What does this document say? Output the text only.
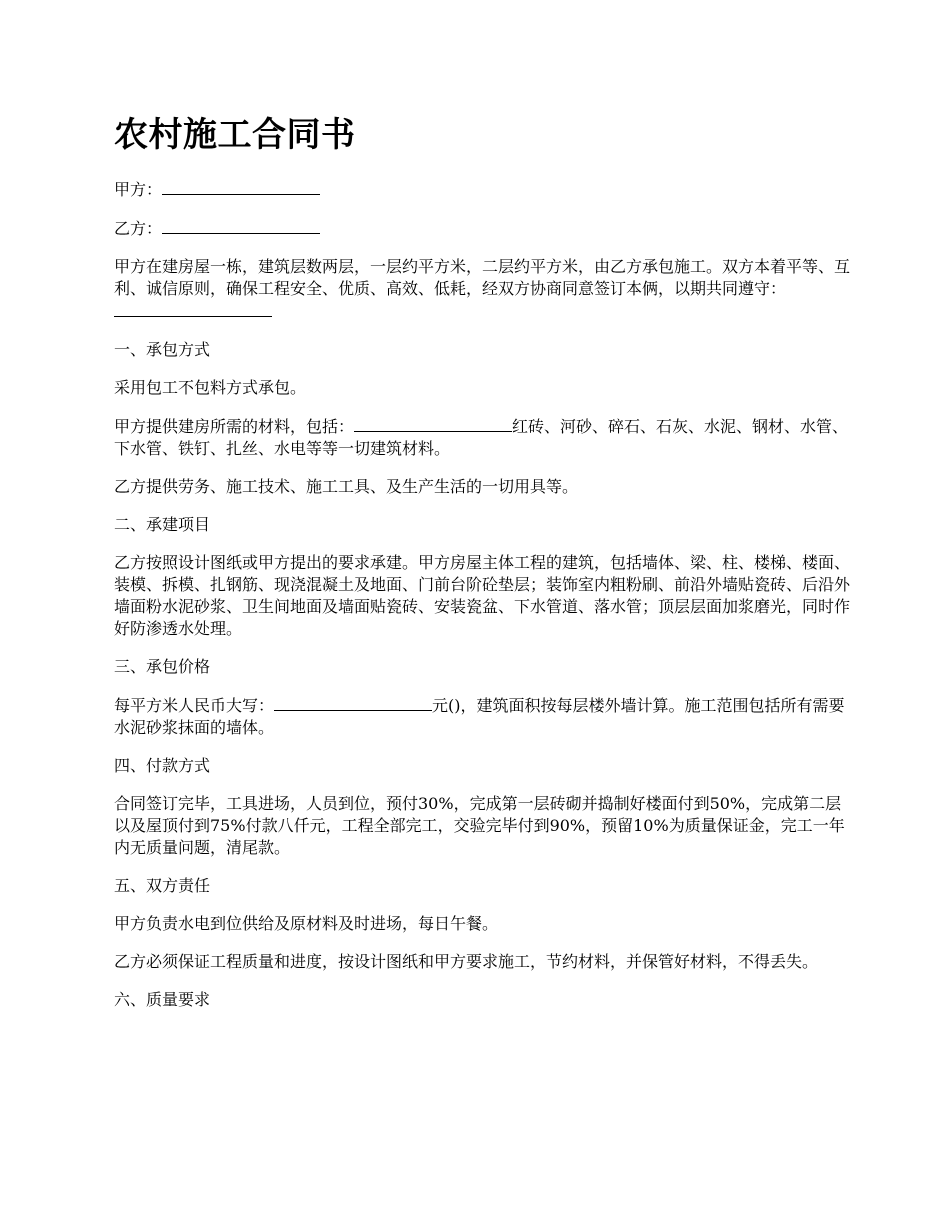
农村施工合同书
甲方：
乙方：
甲方在建房屋一栋，建筑层数两层，一层约平方米，二层约平方米，由乙方承包施工。双方本着平等、互利、诚信原则，确保工程安全、优质、高效、低耗，经双方协商同意签订本俩，以期共同遵守：
一、承包方式
采用包工不包料方式承包。
甲方提供建房所需的材料，包括：	红砖、河砂、碎石、石灰、水泥、钢材、水管、下水管、铁钉、扎丝、水电等等一切建筑材料。
乙方提供劳务、施工技术、施工工具、及生产生活的一切用具等。
二、承建项目
乙方按照设计图纸或甲方提出的要求承建。甲方房屋主体工程的建筑，包括墙体、梁、柱、楼梯、楼面、装模、拆模、扎钢筋、现浇混凝土及地面、门前台阶砼垫层；装饰室内粗粉刷、前沿外墙贴瓷砖、后沿外墙面粉水泥砂浆、卫生间地面及墙面贴瓷砖、安装瓷盆、下水管道、落水管；顶层层面加浆磨光，同时作好防渗透水处理。
三、承包价格
每平方米人民币大写：	元()，建筑面积按每层楼外墙计算。施工范围包括所有需要水泥砂浆抹面的墙体。
四、付款方式
合同签订完毕，工具进场，人员到位，预付30%，完成第一层砖砌并捣制好楼面付到50%，完成第二层以及屋顶付到75%付款八仟元，工程全部完工，交验完毕付到90%，预留10%为质量保证金，完工一年内无质量问题，清尾款。
五、双方责任
甲方负责水电到位供给及原材料及时进场，每日午餐。
乙方必须保证工程质量和进度，按设计图纸和甲方要求施工，节约材料，并保管好材料，不得丢失。
六、质量要求
